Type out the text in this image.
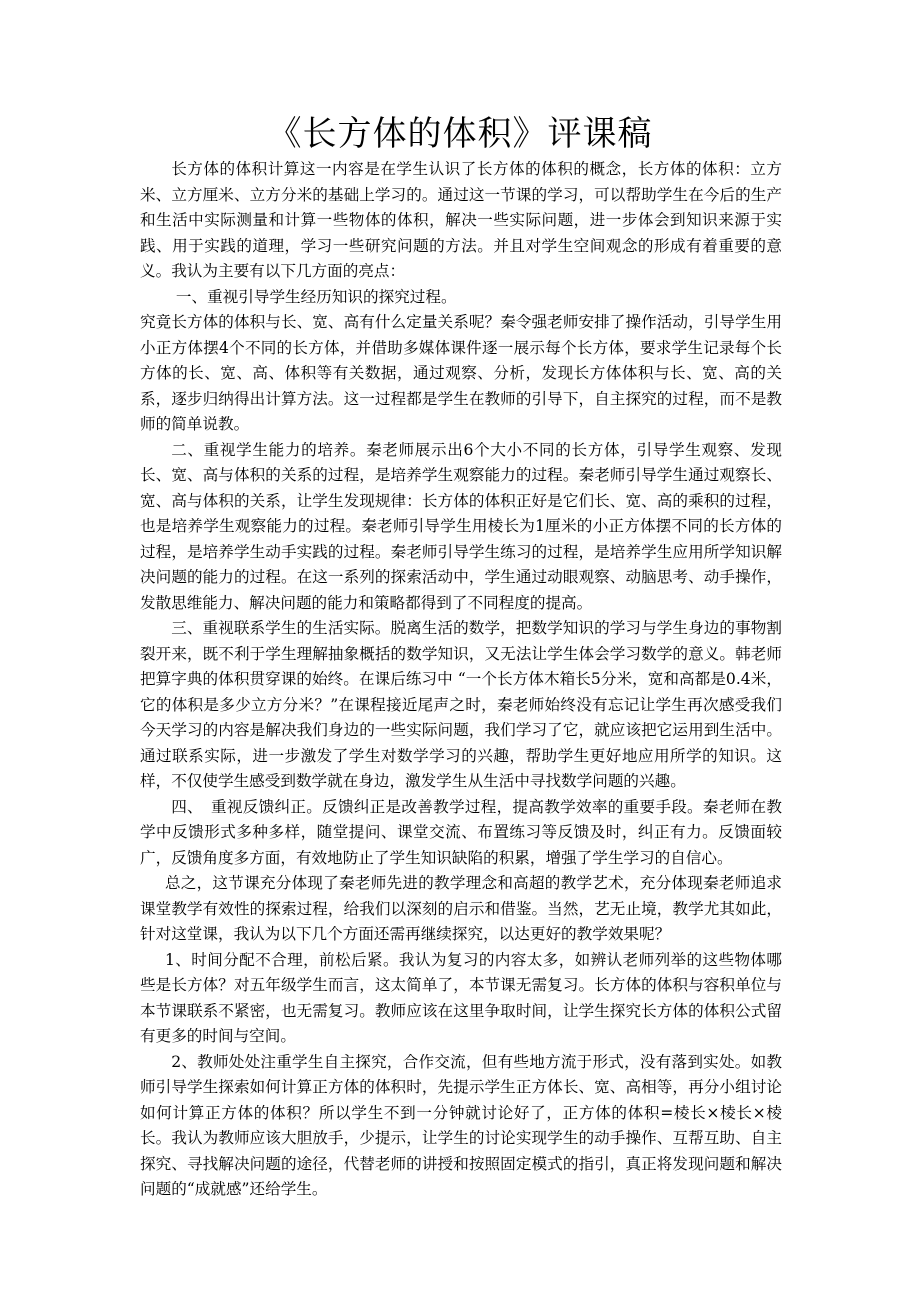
《长方体的体积》评课稿

长方体的体积计算这一内容是在学生认识了长方体的体积的概念，长方体的体积：立方米、立方厘米、立方分米的基础上学习的。通过这一节课的学习，可以帮助学生在今后的生产和生活中实际测量和计算一些物体的体积，解决一些实际问题，进一步体会到知识来源于实践、用于实践的道理，学习一些研究问题的方法。并且对学生空间观念的形成有着重要的意义。我认为主要有以下几方面的亮点：

一、重视引导学生经历知识的探究过程。

究竟长方体的体积与长、宽、高有什么定量关系呢？秦令强老师安排了操作活动，引导学生用小正方体摆4个不同的长方体，并借助多媒体课件逐一展示每个长方体，要求学生记录每个长方体的长、宽、高、体积等有关数据，通过观察、分析，发现长方体体积与长、宽、高的关系，逐步归纳得出计算方法。这一过程都是学生在教师的引导下，自主探究的过程，而不是教师的简单说教。

二、重视学生能力的培养。秦老师展示出6个大小不同的长方体，引导学生观察、发现长、宽、高与体积的关系的过程，是培养学生观察能力的过程。秦老师引导学生通过观察长、宽、高与体积的关系，让学生发现规律：长方体的体积正好是它们长、宽、高的乘积的过程，也是培养学生观察能力的过程。秦老师引导学生用棱长为1厘米的小正方体摆不同的长方体的过程，是培养学生动手实践的过程。秦老师引导学生练习的过程，是培养学生应用所学知识解决问题的能力的过程。在这一系列的探索活动中，学生通过动眼观察、动脑思考、动手操作，发散思维能力、解决问题的能力和策略都得到了不同程度的提高。

三、重视联系学生的生活实际。脱离生活的数学，把数学知识的学习与学生身边的事物割裂开来，既不利于学生理解抽象概括的数学知识，又无法让学生体会学习数学的意义。韩老师把算字典的体积贯穿课的始终。在课后练习中 “一个长方体木箱长5分米，宽和高都是0.4米，它的体积是多少立方分米？”在课程接近尾声之时，秦老师始终没有忘记让学生再次感受我们今天学习的内容是解决我们身边的一些实际问题，我们学习了它，就应该把它运用到生活中。通过联系实际，进一步激发了学生对数学学习的兴趣，帮助学生更好地应用所学的知识。这样，不仅使学生感受到数学就在身边，激发学生从生活中寻找数学问题的兴趣。

四、　重视反馈纠正。反馈纠正是改善教学过程，提高教学效率的重要手段。秦老师在教学中反馈形式多种多样，随堂提问、课堂交流、布置练习等反馈及时，纠正有力。反馈面较广，反馈角度多方面，有效地防止了学生知识缺陷的积累，增强了学生学习的自信心。

总之，这节课充分体现了秦老师先进的教学理念和高超的教学艺术，充分体现秦老师追求课堂教学有效性的探索过程，给我们以深刻的启示和借鉴。当然，艺无止境，教学尤其如此，针对这堂课，我认为以下几个方面还需再继续探究，以达更好的教学效果呢？

1、时间分配不合理，前松后紧。我认为复习的内容太多，如辨认老师列举的这些物体哪些是长方体？对五年级学生而言，这太简单了，本节课无需复习。长方体的体积与容积单位与本节课联系不紧密，也无需复习。教师应该在这里争取时间，让学生探究长方体的体积公式留有更多的时间与空间。

2、教师处处注重学生自主探究，合作交流，但有些地方流于形式，没有落到实处。如教师引导学生探索如何计算正方体的体积时，先提示学生正方体长、宽、高相等，再分小组讨论如何计算正方体的体积？所以学生不到一分钟就讨论好了，正方体的体积=棱长×棱长×棱长。我认为教师应该大胆放手，少提示，让学生的讨论实现学生的动手操作、互帮互助、自主探究、寻找解决问题的途径，代替老师的讲授和按照固定模式的指引，真正将发现问题和解决问题的“成就感”还给学生。
